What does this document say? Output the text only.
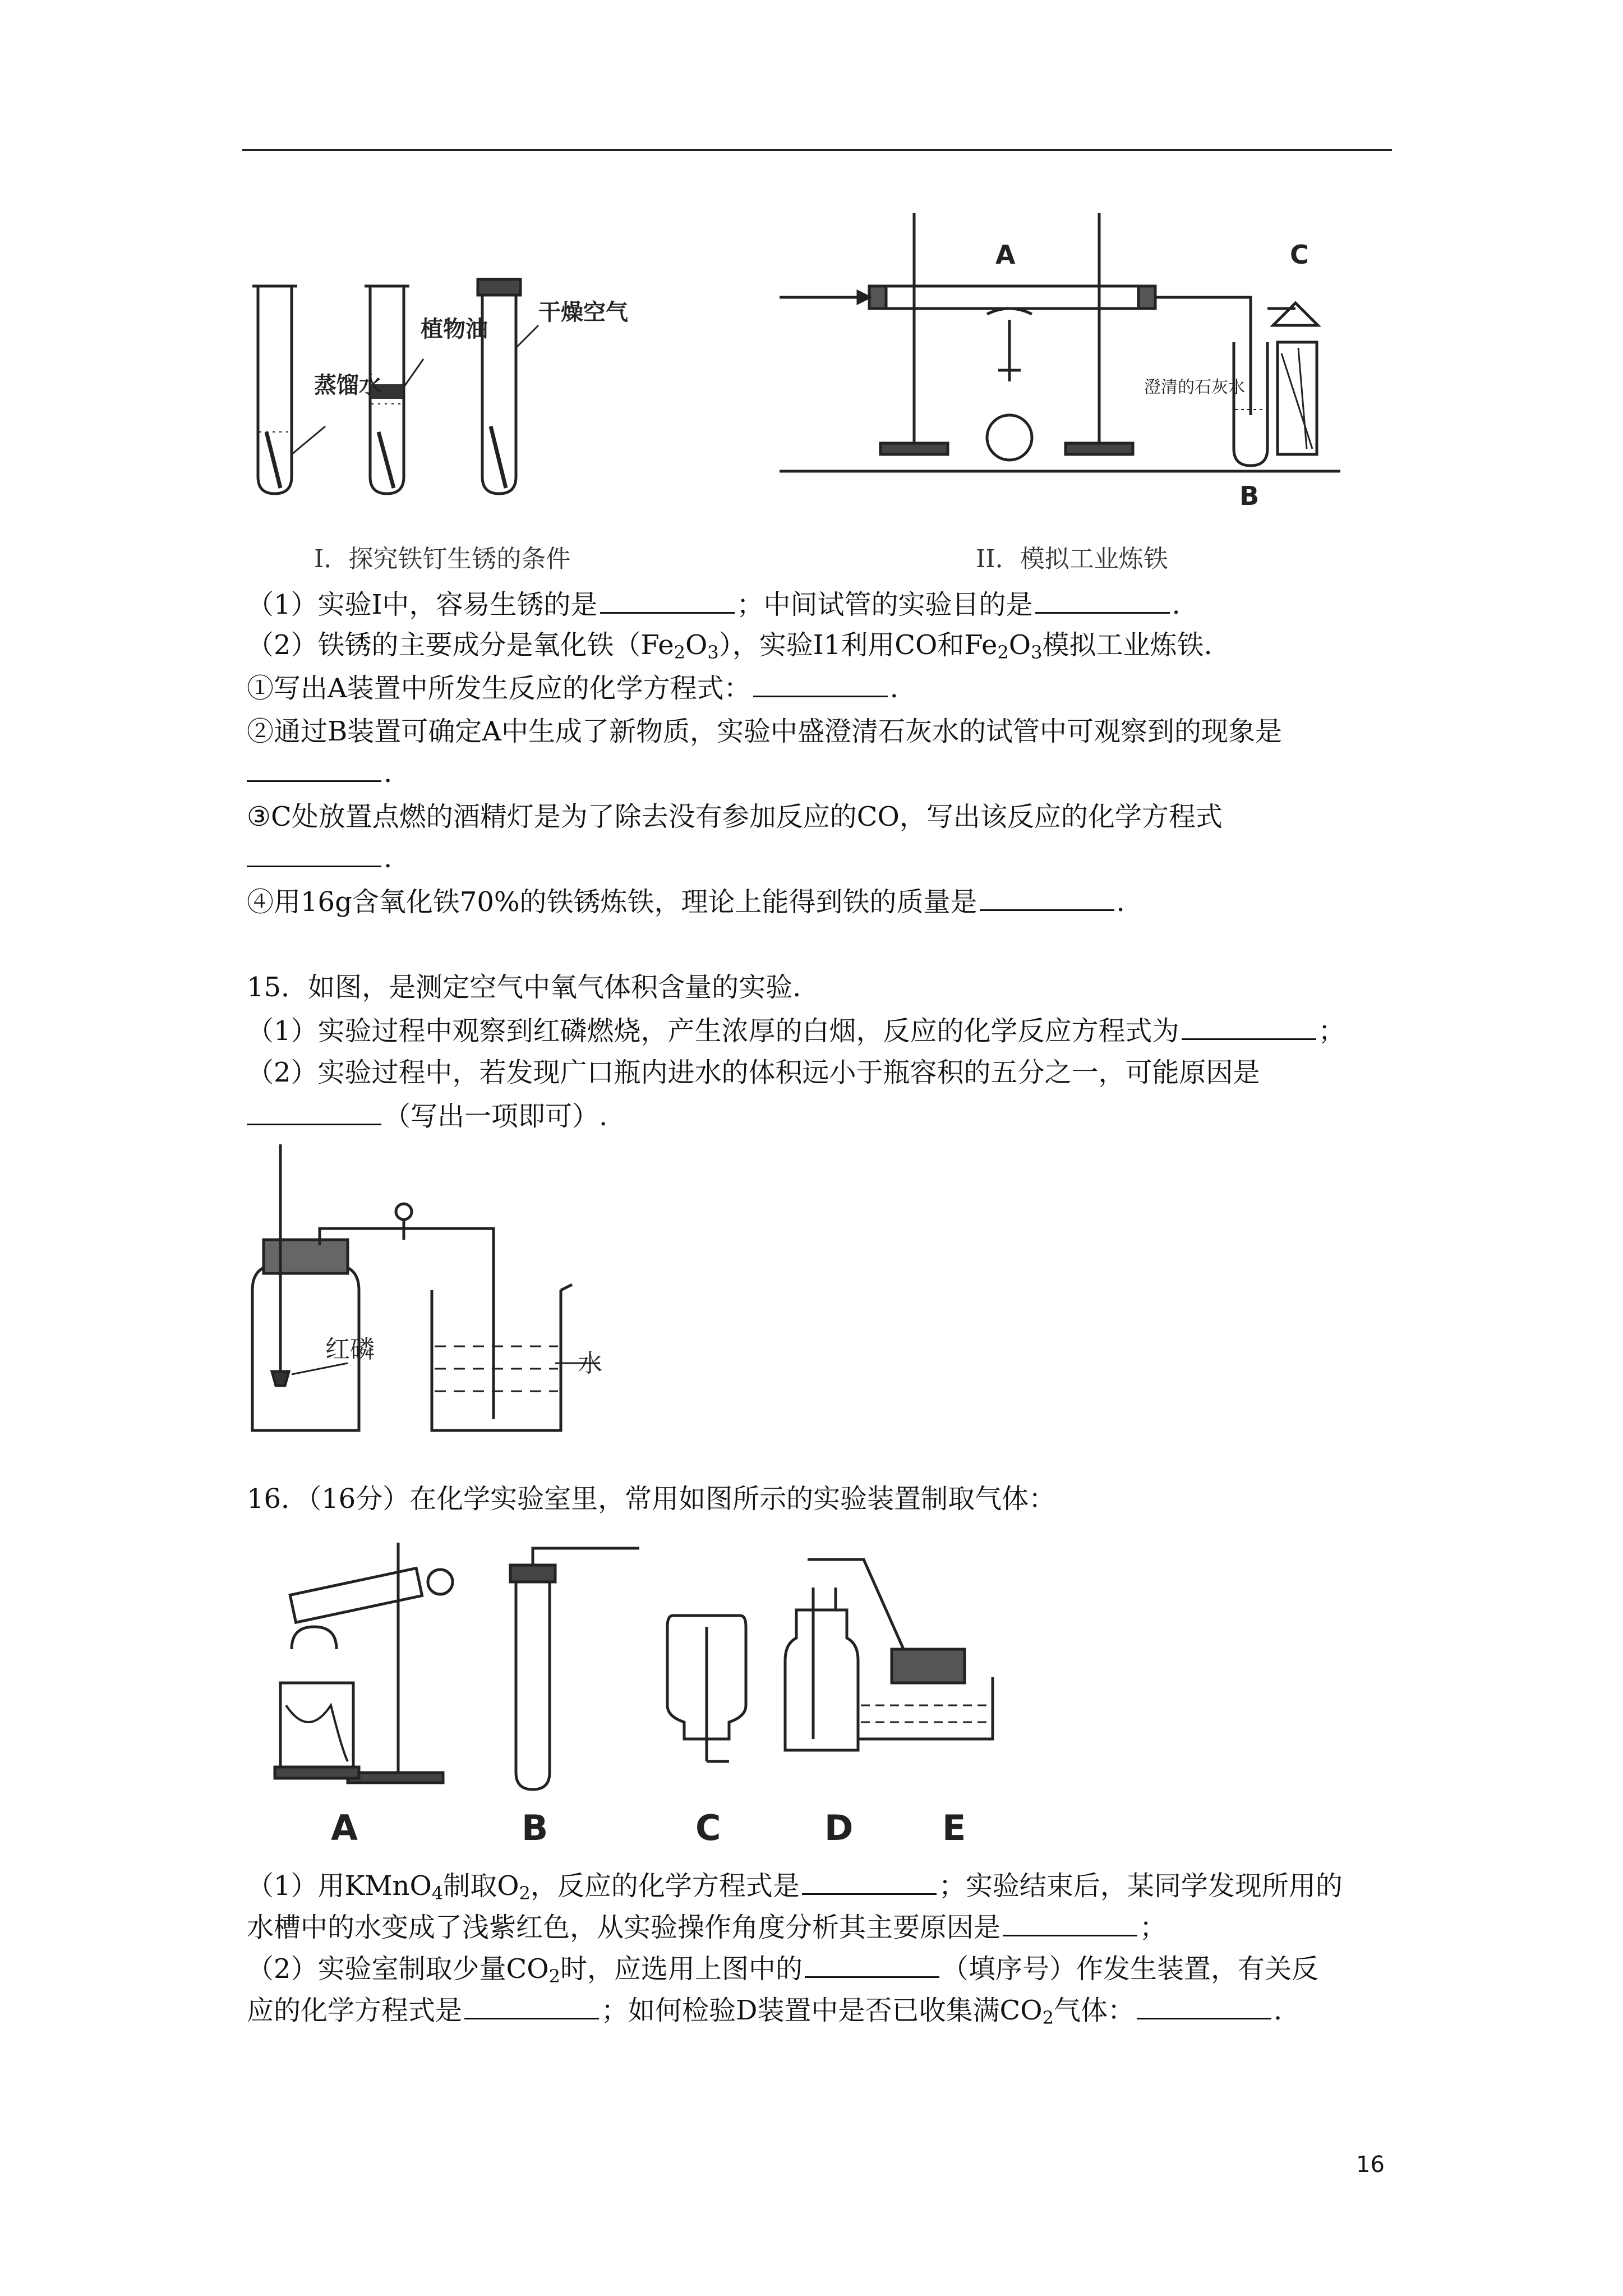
蒸馏水
植物油
干燥空气
A	C
B
澄清的石灰水
I．探究铁钉生锈的条件	II．模拟工业炼铁
（1）实验I中，容易生锈的是	；中间试管的实验目的是	.
（2）铁锈的主要成分是氧化铁$(Fe_2O_3)$，实验I1利用CO和$Fe_2O_3$模拟工业炼铁.
①写出A装置中所发生反应的化学方程式：	.
②通过B装置可确定A中生成了新物质，实验中盛澄清石灰水的试管中可观察到的现象是
.
③C处放置点燃的酒精灯是为了除去没有参加反应的CO，写出该反应的化学方程式
.
④用16g含氧化铁70%的铁锈炼铁，理论上能得到铁的质量是	.
15．如图，是测定空气中氧气体积含量的实验.
（1）实验过程中观察到红磷燃烧，产生浓厚的白烟，反应的化学反应方程式为	；
（2）实验过程中，若发现广口瓶内进水的体积远小于瓶容积的五分之一，可能原因是
（写出一项即可）.
红磷	水
16．（16分）在化学实验室里，常用如图所示的实验装置制取气体：
A	B	C	D	E
（1）用KMnO$_4$制取$O_2$，反应的化学方程式是	；实验结束后，某同学发现所用的
水槽中的水变成了浅紫红色，从实验操作角度分析其主要原因是	；
（2）实验室制取少量$CO_2$时，应选用上图中的	（填序号）作发生装置，有关反
应的化学方程式是	；如何检验D装置中是否已收集满$CO_2$气体：	.
16
